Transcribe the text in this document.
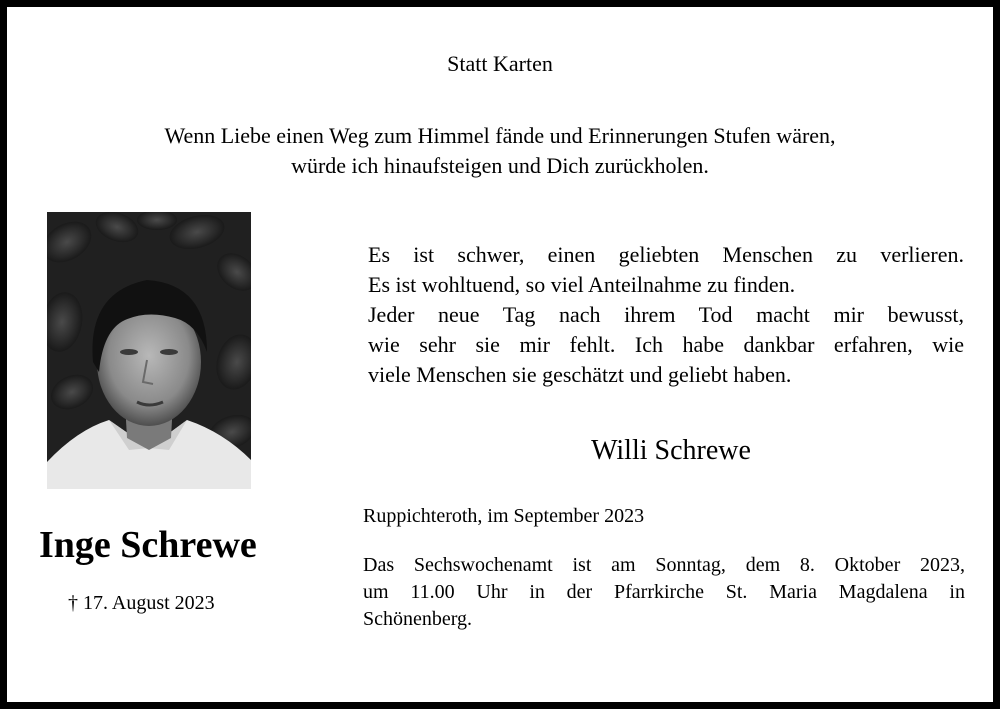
Statt Karten
Wenn Liebe einen Weg zum Himmel fände und Erinnerungen Stufen wären,
würde ich hinaufsteigen und Dich zurückholen.
Inge Schrewe
† 17. August 2023
Es ist schwer, einen geliebten Menschen zu verlieren.
Es ist wohltuend, so viel Anteilnahme zu finden.
Jeder neue Tag nach ihrem Tod macht mir bewusst,
wie sehr sie mir fehlt. Ich habe dankbar erfahren, wie
viele Menschen sie geschätzt und geliebt haben.
Willi Schrewe
Ruppichteroth, im September 2023
Das Sechswochenamt ist am Sonntag, dem 8. Oktober 2023,
um 11.00 Uhr in der Pfarrkirche St. Maria Magdalena in
Schönenberg.
